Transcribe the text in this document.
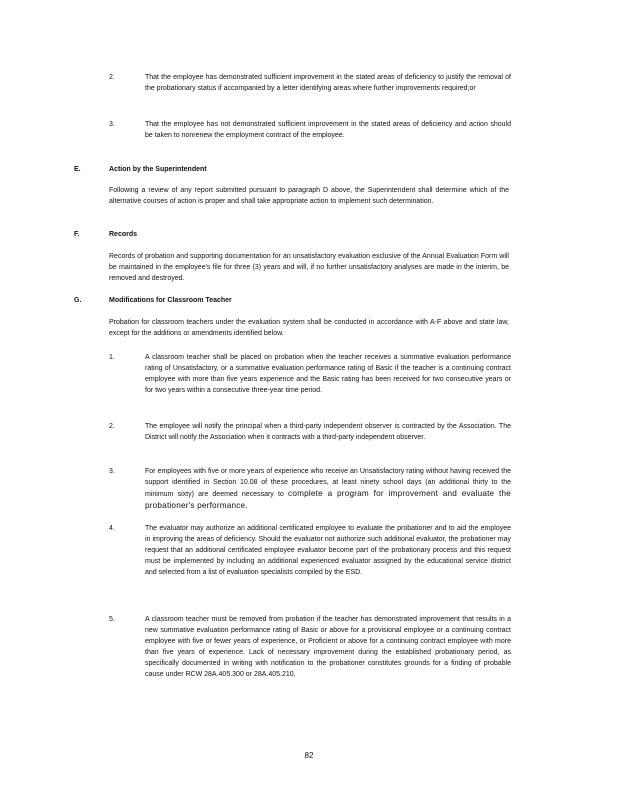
2.	That the employee has demonstrated sufficient improvement in the stated areas of deficiency to justify the removal of the probationary status if accompanied by a letter identifying areas where further improvements required;or
3.	That the employee has not demonstrated sufficient improvement in the stated areas of deficiency and action should be taken to nonrenew the employment contract of the employee.
E.	Action by the Superintendent
Following a review of any report submitted pursuant to paragraph D above, the Superintendent shall determine which of the alternative courses of action is proper and shall take appropriate action to implement such determination.
F.	Records
Records of probation and supporting documentation for an unsatisfactory evaluation exclusive of the Annual Evaluation Form will be maintained in the employee's file for three (3) years and will, if no further unsatisfactory analyses are made in the interim, be removed and destroyed.
G.	Modifications for Classroom Teacher
Probation for classroom teachers under the evaluation system shall be conducted in accordance with A-F above and state law, except for the additions or amendments identified below.
1.	A classroom teacher shall be placed on probation when the teacher receives a summative evaluation performance rating of Unsatisfactory, or a summative evaluation performance rating of Basic if the teacher is a continuing contract employee with more than five years experience and the Basic rating has been received for two consecutive years or for two years within a consecutive three-year time period.
2.	The employee will notify the principal when a third-party independent observer is contracted by the Association. The District will notify the Association when it contracts with a third-party independent observer.
3.	For employees with five or more years of experience who receive an Unsatisfactory rating without having received the support identified in Section 10.08 of these procedures, at least ninety school days (an additional thirty to the minimum sixty) are deemed necessary to complete a program for improvement and evaluate the probationer's performance.
4.	The evaluator may authorize an additional certificated employee to evaluate the probationer and to aid the employee in improving the areas of deficiency. Should the evaluator not authorize such additional evaluator, the probationer may request that an additional certificated employee evaluator become part of the probationary process and this request must be implemented by including an additional experienced evaluator assigned by the educational service district and selected from a list of evaluation specialists compiled by the ESD.
5.	A classroom teacher must be removed from probation if the teacher has demonstrated improvement that results in a new summative evaluation performance rating of Basic or above for a provisional employee or a continuing contract employee with five or fewer years of experience, or Proficient or above for a continuing contract employee with more than five years of experience. Lack of necessary improvement during the established probationary period, as specifically documented in writing with notification to the probationer constitutes grounds for a finding of probable cause under RCW 28A.405.300 or 28A.405.210.
82
